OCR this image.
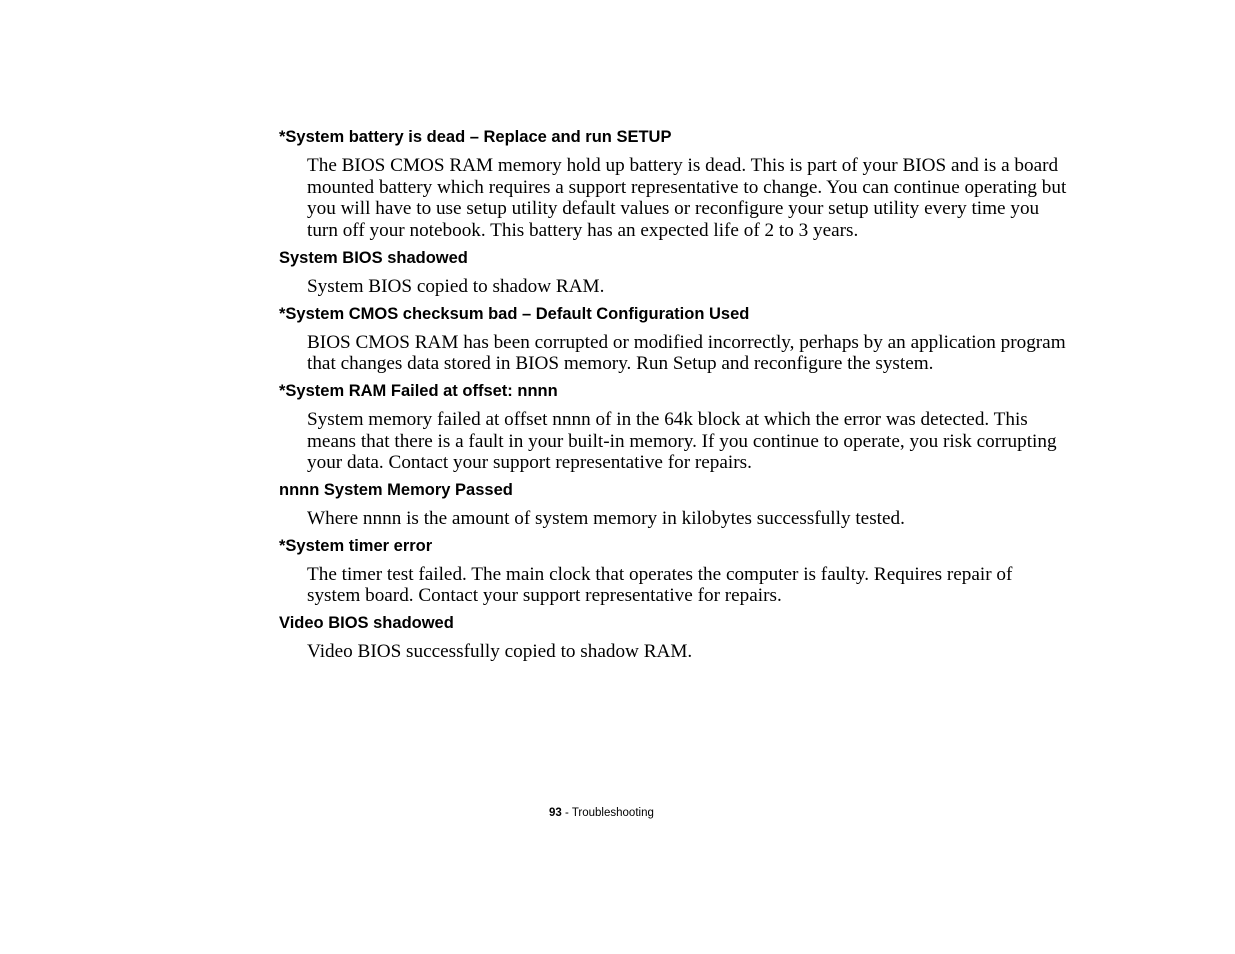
*System battery is dead – Replace and run SETUP

The BIOS CMOS RAM memory hold up battery is dead. This is part of your BIOS and is a board mounted battery which requires a support representative to change. You can continue operating but you will have to use setup utility default values or reconfigure your setup utility every time you turn off your notebook. This battery has an expected life of 2 to 3 years.

System BIOS shadowed

System BIOS copied to shadow RAM.

*System CMOS checksum bad – Default Configuration Used

BIOS CMOS RAM has been corrupted or modified incorrectly, perhaps by an application program that changes data stored in BIOS memory. Run Setup and reconfigure the system.

*System RAM Failed at offset: nnnn

System memory failed at offset nnnn of in the 64k block at which the error was detected. This means that there is a fault in your built-in memory. If you continue to operate, you risk corrupting your data. Contact your support representative for repairs.

nnnn System Memory Passed

Where nnnn is the amount of system memory in kilobytes successfully tested.

*System timer error

The timer test failed. The main clock that operates the computer is faulty. Requires repair of system board. Contact your support representative for repairs.

Video BIOS shadowed

Video BIOS successfully copied to shadow RAM.

93 - Troubleshooting
